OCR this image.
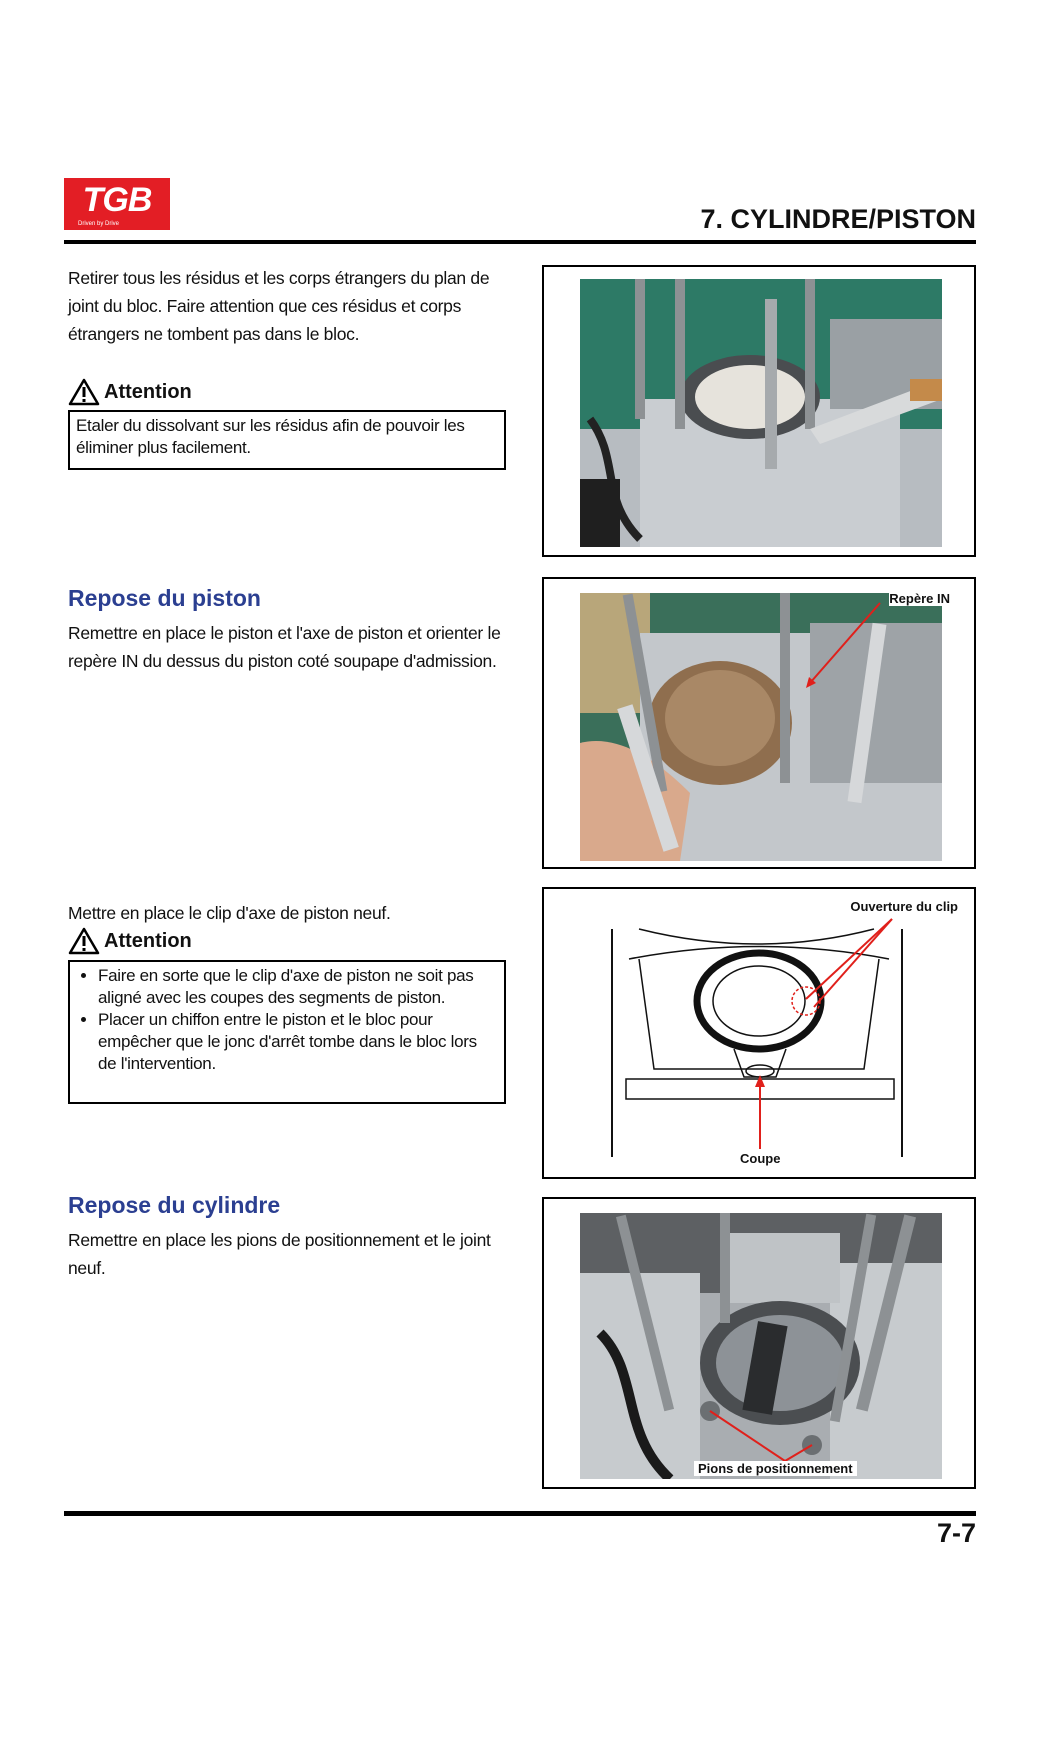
TGB
Driven by Drive	7. CYLINDRE/PISTON
Retirer tous les résidus et les corps étrangers du plan de joint du bloc. Faire attention que ces résidus et corps étrangers ne tombent pas dans le bloc.
Attention
Etaler du dissolvant sur les résidus afin de pouvoir les éliminer plus facilement.
Repose du piston
Remettre en place le piston et l'axe de piston et orienter le repère IN du dessus du piston coté soupape d'admission.
Repère IN
Mettre en place le clip d'axe de piston neuf.
Attention
• Faire en sorte que le clip d'axe de piston ne soit pas aligné avec les coupes des segments de piston.
• Placer un chiffon entre le piston et le bloc pour empêcher que le jonc d'arrêt tombe dans le bloc lors de l'intervention.
Ouverture du clip
Coupe
Repose du cylindre
Remettre en place les pions de positionnement et le joint neuf.
Pions de positionnement
7-7
